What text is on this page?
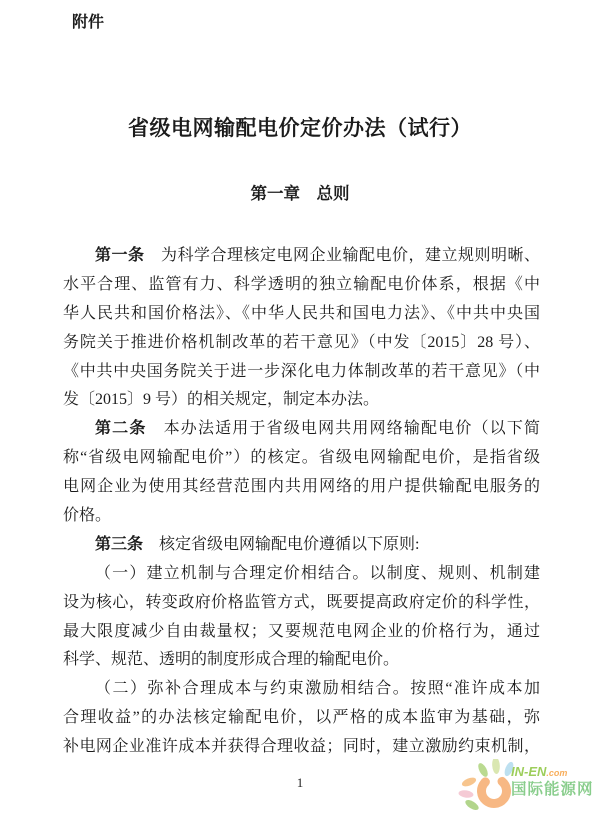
附件
省级电网输配电价定价办法（试行）
第一章　总则
第一条　为科学合理核定电网企业输配电价，建立规则明晰、
水平合理、监管有力、科学透明的独立输配电价体系，根据《中
华人民共和国价格法》、《中华人民共和国电力法》、《中共中央国
务院关于推进价格机制改革的若干意见》（中发〔2015〕28 号）、
《中共中央国务院关于进一步深化电力体制改革的若干意见》（中
发〔2015〕9 号）的相关规定，制定本办法。
第二条　本办法适用于省级电网共用网络输配电价（以下简
称“省级电网输配电价”）的核定。省级电网输配电价，是指省级
电网企业为使用其经营范围内共用网络的用户提供输配电服务的
价格。
第三条　核定省级电网输配电价遵循以下原则:
（一）建立机制与合理定价相结合。以制度、规则、机制建
设为核心，转变政府价格监管方式，既要提高政府定价的科学性，
最大限度减少自由裁量权；又要规范电网企业的价格行为，通过
科学、规范、透明的制度形成合理的输配电价。
（二）弥补合理成本与约束激励相结合。按照“准许成本加
合理收益”的办法核定输配电价，以严格的成本监审为基础，弥
补电网企业准许成本并获得合理收益；同时，建立激励约束机制，
1
IN-EN.com
国际能源网
